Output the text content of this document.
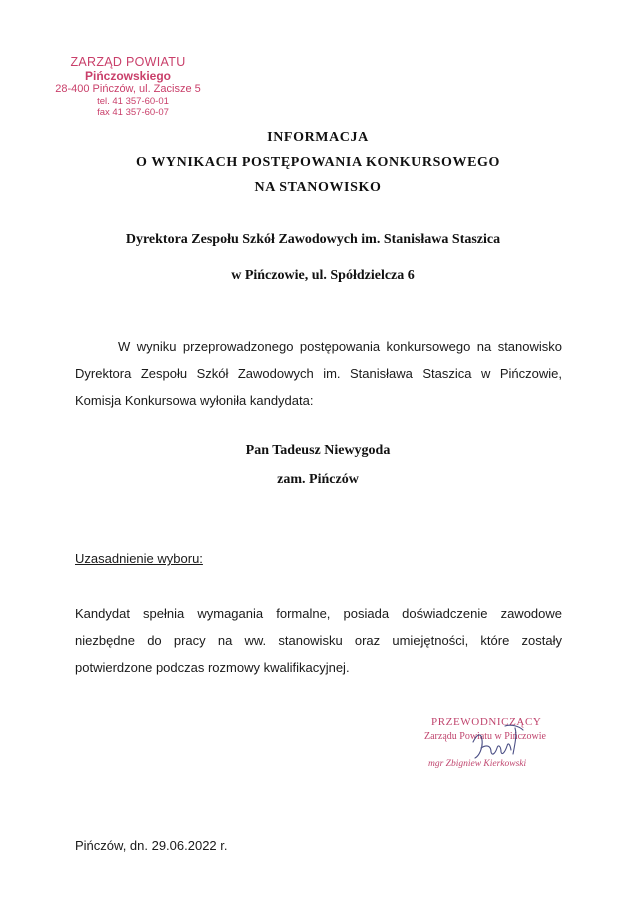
ZARZĄD POWIATU
Pińczowskiego
28-400 Pińczów, ul. Zacisze 5
tel. 41 357-60-01
fax 41 357-60-07
INFORMACJA
O WYNIKACH POSTĘPOWANIA KONKURSOWEGO
NA STANOWISKO
Dyrektora Zespołu Szkół Zawodowych im. Stanisława Staszica
w Pińczowie, ul. Spółdzielcza 6
W wyniku przeprowadzonego postępowania konkursowego na stanowisko Dyrektora Zespołu Szkół Zawodowych im. Stanisława Staszica w Pińczowie, Komisja Konkursowa wyłoniła kandydata:
Pan Tadeusz Niewygoda
zam. Pińczów
Uzasadnienie wyboru:
Kandydat spełnia wymagania formalne, posiada doświadczenie zawodowe niezbędne do pracy na ww. stanowisku oraz umiejętności, które zostały potwierdzone podczas rozmowy kwalifikacyjnej.
PRZEWODNICZĄCY
Zarządu Powiatu w Pińczowie
mgr Zbigniew Kierkowski
Pińczów, dn. 29.06.2022 r.
